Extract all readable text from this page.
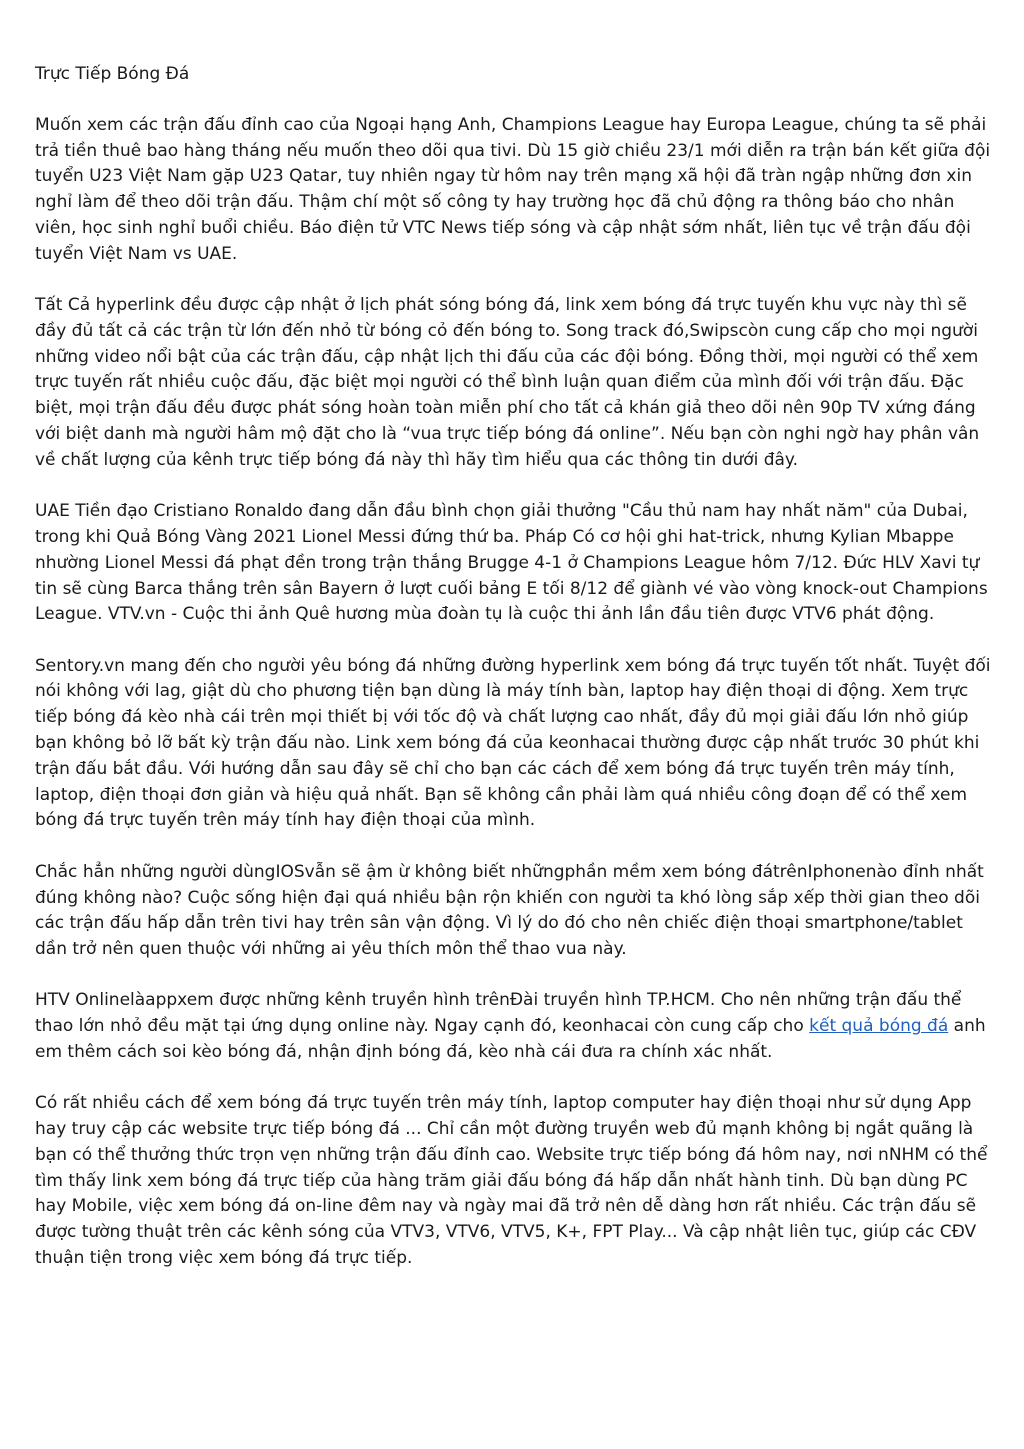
Trực Tiếp Bóng Đá

Muốn xem các trận đấu đỉnh cao của Ngoại hạng Anh, Champions League hay Europa League, chúng ta sẽ phải trả tiền thuê bao hàng tháng nếu muốn theo dõi qua tivi. Dù 15 giờ chiều 23/1 mới diễn ra trận bán kết giữa đội tuyển U23 Việt Nam gặp U23 Qatar, tuy nhiên ngay từ hôm nay trên mạng xã hội đã tràn ngập những đơn xin nghỉ làm để theo dõi trận đấu. Thậm chí một số công ty hay trường học đã chủ động ra thông báo cho nhân viên, học sinh nghỉ buổi chiều. Báo điện tử VTC News tiếp sóng và cập nhật sớm nhất, liên tục về trận đấu đội tuyển Việt Nam vs UAE.

Tất Cả hyperlink đều được cập nhật ở lịch phát sóng bóng đá, link xem bóng đá trực tuyến khu vực này thì sẽ đầy đủ tất cả các trận từ lớn đến nhỏ từ bóng cỏ đến bóng to. Song track đó,Swipscòn cung cấp cho mọi người những video nổi bật của các trận đấu, cập nhật lịch thi đấu của các đội bóng. Đồng thời, mọi người có thể xem trực tuyến rất nhiều cuộc đấu, đặc biệt mọi người có thể bình luận quan điểm của mình đối với trận đấu. Đặc biệt, mọi trận đấu đều được phát sóng hoàn toàn miễn phí cho tất cả khán giả theo dõi nên 90p TV xứng đáng với biệt danh mà người hâm mộ đặt cho là “vua trực tiếp bóng đá online”. Nếu bạn còn nghi ngờ hay phân vân về chất lượng của kênh trực tiếp bóng đá này thì hãy tìm hiểu qua các thông tin dưới đây.

UAE Tiền đạo Cristiano Ronaldo đang dẫn đầu bình chọn giải thưởng "Cầu thủ nam hay nhất năm" của Dubai, trong khi Quả Bóng Vàng 2021 Lionel Messi đứng thứ ba. Pháp Có cơ hội ghi hat-trick, nhưng Kylian Mbappe nhường Lionel Messi đá phạt đền trong trận thắng Brugge 4-1 ở Champions League hôm 7/12. Đức HLV Xavi tự tin sẽ cùng Barca thắng trên sân Bayern ở lượt cuối bảng E tối 8/12 để giành vé vào vòng knock-out Champions League. VTV.vn - Cuộc thi ảnh Quê hương mùa đoàn tụ là cuộc thi ảnh lần đầu tiên được VTV6 phát động.

Sentory.vn mang đến cho người yêu bóng đá những đường hyperlink xem bóng đá trực tuyến tốt nhất. Tuyệt đối nói không với lag, giật dù cho phương tiện bạn dùng là máy tính bàn, laptop hay điện thoại di động. Xem trực tiếp bóng đá kèo nhà cái trên mọi thiết bị với tốc độ và chất lượng cao nhất, đầy đủ mọi giải đấu lớn nhỏ giúp bạn không bỏ lỡ bất kỳ trận đấu nào. Link xem bóng đá của keonhacai thường được cập nhất trước 30 phút khi trận đấu bắt đầu. Với hướng dẫn sau đây sẽ chỉ cho bạn các cách để xem bóng đá trực tuyến trên máy tính, laptop, điện thoại đơn giản và hiệu quả nhất. Bạn sẽ không cần phải làm quá nhiều công đoạn để có thể xem bóng đá trực tuyến trên máy tính hay điện thoại của mình.

Chắc hẳn những người dùngIOSvẫn sẽ ậm ừ không biết nhữngphần mềm xem bóng đátrênIphonenào đỉnh nhất đúng không nào? Cuộc sống hiện đại quá nhiều bận rộn khiến con người ta khó lòng sắp xếp thời gian theo dõi các trận đấu hấp dẫn trên tivi hay trên sân vận động. Vì lý do đó cho nên chiếc điện thoại smartphone/tablet dần trở nên quen thuộc với những ai yêu thích môn thể thao vua này.

HTV Onlinelàappxem được những kênh truyền hình trênĐài truyền hình TP.HCM. Cho nên những trận đấu thể thao lớn nhỏ đều mặt tại ứng dụng online này. Ngay cạnh đó, keonhacai còn cung cấp cho kết quả bóng đá anh em thêm cách soi kèo bóng đá, nhận định bóng đá, kèo nhà cái đưa ra chính xác nhất.

Có rất nhiều cách để xem bóng đá trực tuyến trên máy tính, laptop computer hay điện thoại như sử dụng App hay truy cập các website trực tiếp bóng đá ... Chỉ cần một đường truyền web đủ mạnh không bị ngắt quãng là bạn có thể thưởng thức trọn vẹn những trận đấu đỉnh cao. Website trực tiếp bóng đá hôm nay, nơi nNHM có thể tìm thấy link xem bóng đá trực tiếp của hàng trăm giải đấu bóng đá hấp dẫn nhất hành tinh. Dù bạn dùng PC hay Mobile, việc xem bóng đá on-line đêm nay và ngày mai đã trở nên dễ dàng hơn rất nhiều. Các trận đấu sẽ được tường thuật trên các kênh sóng của VTV3, VTV6, VTV5, K+, FPT Play... Và cập nhật liên tục, giúp các CĐV thuận tiện trong việc xem bóng đá trực tiếp.
